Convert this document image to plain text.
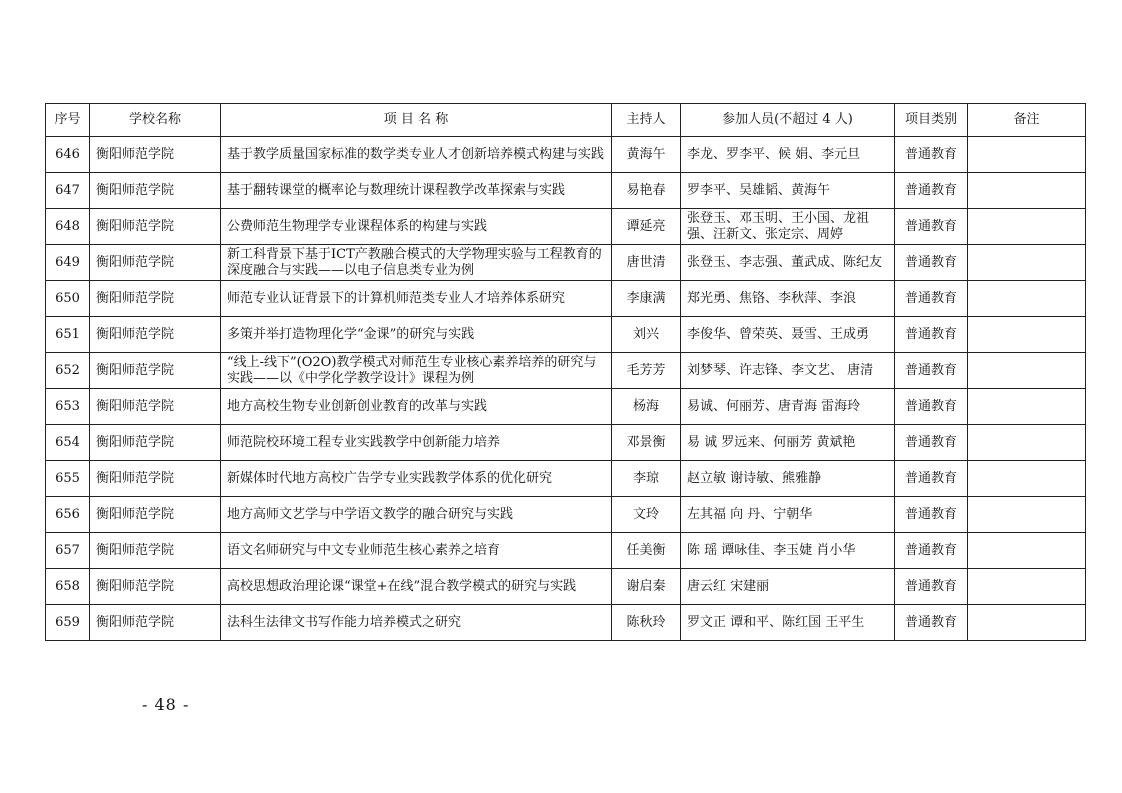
序号	学校名称	项 目 名 称	主持人	参加人员(不超过 4 人)	项目类别	备注
646	衡阳师范学院	基于教学质量国家标准的数学类专业人才创新培养模式构建与实践	黄海午	李龙、罗李平、候 娟、李元旦	普通教育	
647	衡阳师范学院	基于翻转课堂的概率论与数理统计课程教学改革探索与实践	易艳春	罗李平、吴雄韬、黄海午	普通教育	
648	衡阳师范学院	公费师范生物理学专业课程体系的构建与实践	谭延亮	张登玉、邓玉明、王小国、龙祖强、汪新文、张定宗、周婷	普通教育	
649	衡阳师范学院	新工科背景下基于ICT产教融合模式的大学物理实验与工程教育的深度融合与实践——以电子信息类专业为例	唐世清	张登玉、李志强、董武成、陈纪友	普通教育	
650	衡阳师范学院	师范专业认证背景下的计算机师范类专业人才培养体系研究	李康满	郑光勇、焦铬、李秋萍、李浪	普通教育	
651	衡阳师范学院	多策并举打造物理化学“金课”的研究与实践	刘兴	李俊华、曾荣英、聂雪、王成勇	普通教育	
652	衡阳师范学院	“线上-线下”(O2O)教学模式对师范生专业核心素养培养的研究与实践——以《中学化学教学设计》课程为例	毛芳芳	刘梦琴、许志锋、李文艺、 唐清	普通教育	
653	衡阳师范学院	地方高校生物专业创新创业教育的改革与实践	杨海	易诚、何丽芳、唐青海 雷海玲	普通教育	
654	衡阳师范学院	师范院校环境工程专业实践教学中创新能力培养	邓景衡	易 诚 罗远来、何丽芳 黄斌艳	普通教育	
655	衡阳师范学院	新媒体时代地方高校广告学专业实践教学体系的优化研究	李琼	赵立敏 谢诗敏、熊雅静	普通教育	
656	衡阳师范学院	地方高师文艺学与中学语文教学的融合研究与实践	文玲	左其福 向 丹、宁朝华	普通教育	
657	衡阳师范学院	语文名师研究与中文专业师范生核心素养之培育	任美衡	陈 瑶 谭咏佳、李玉婕 肖小华	普通教育	
658	衡阳师范学院	高校思想政治理论课“课堂+在线”混合教学模式的研究与实践	谢启秦	唐云红 宋建丽	普通教育	
659	衡阳师范学院	法科生法律文书写作能力培养模式之研究	陈秋玲	罗文正 谭和平、陈红国 王平生	普通教育	
- 48 -
